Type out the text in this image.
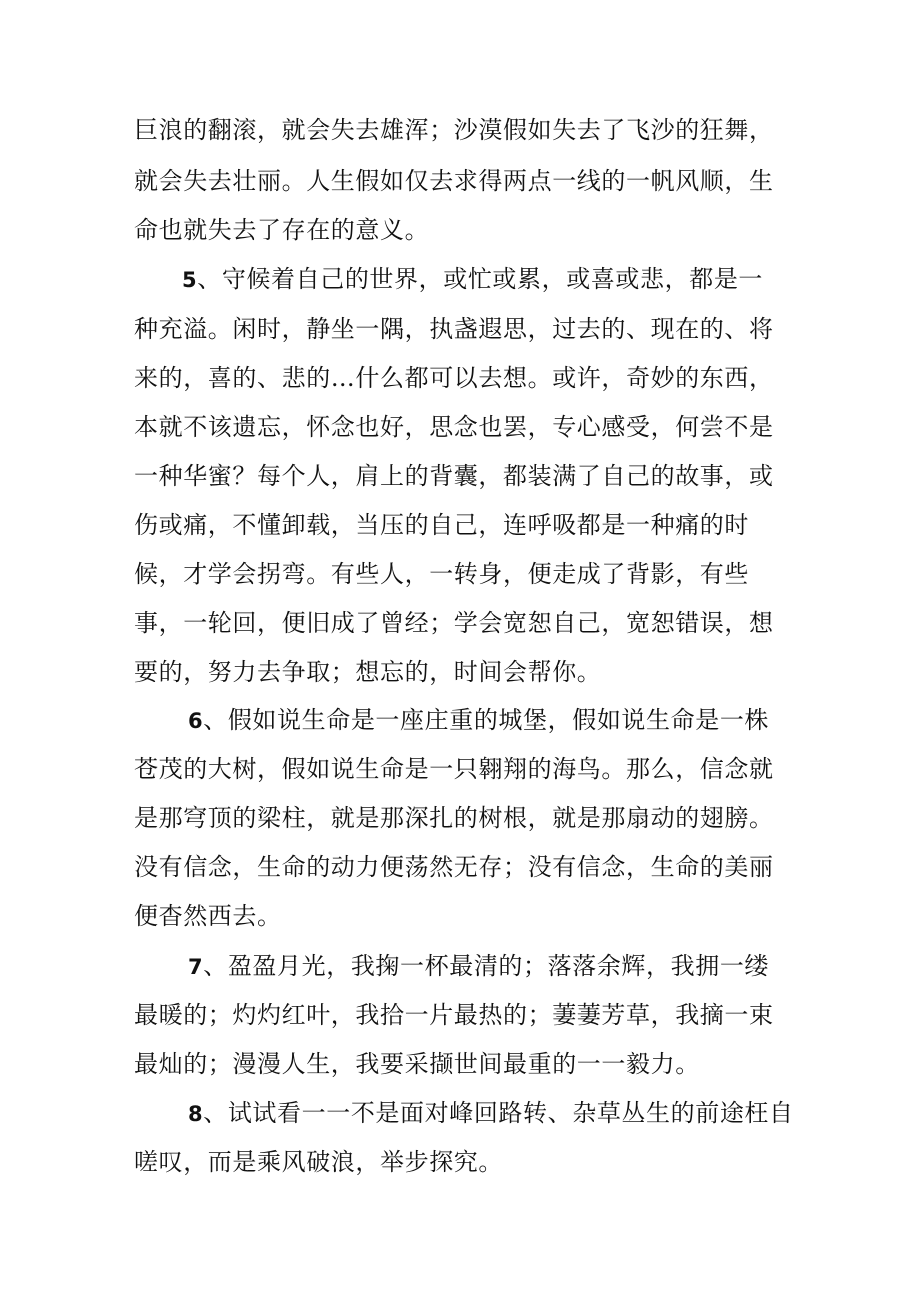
巨浪的翻滚，就会失去雄浑；沙漠假如失去了飞沙的狂舞，

就会失去壮丽。人生假如仅去求得两点一线的一帆风顺，生

命也就失去了存在的意义。

5、守候着自己的世界，或忙或累，或喜或悲，都是一

种充溢。闲时，静坐一隅，执盏遐思，过去的、现在的、将

来的，喜的、悲的…什么都可以去想。或许，奇妙的东西，

本就不该遗忘，怀念也好，思念也罢，专心感受，何尝不是

一种华蜜？每个人，肩上的背囊，都装满了自己的故事，或

伤或痛，不懂卸载，当压的自己，连呼吸都是一种痛的时

候，才学会拐弯。有些人，一转身，便走成了背影，有些

事，一轮回，便旧成了曾经；学会宽恕自己，宽恕错误，想

要的，努力去争取；想忘的，时间会帮你。

6、假如说生命是一座庄重的城堡，假如说生命是一株

苍茂的大树，假如说生命是一只翱翔的海鸟。那么，信念就

是那穹顶的梁柱，就是那深扎的树根，就是那扇动的翅膀。

没有信念，生命的动力便荡然无存；没有信念，生命的美丽

便杳然西去。

7、盈盈月光，我掬一杯最清的；落落余辉，我拥一缕

最暖的；灼灼红叶，我拾一片最热的；萋萋芳草，我摘一束

最灿的；漫漫人生，我要采撷世间最重的一一毅力。

8、试试看一一不是面对峰回路转、杂草丛生的前途枉自

嗟叹，而是乘风破浪，举步探究。
